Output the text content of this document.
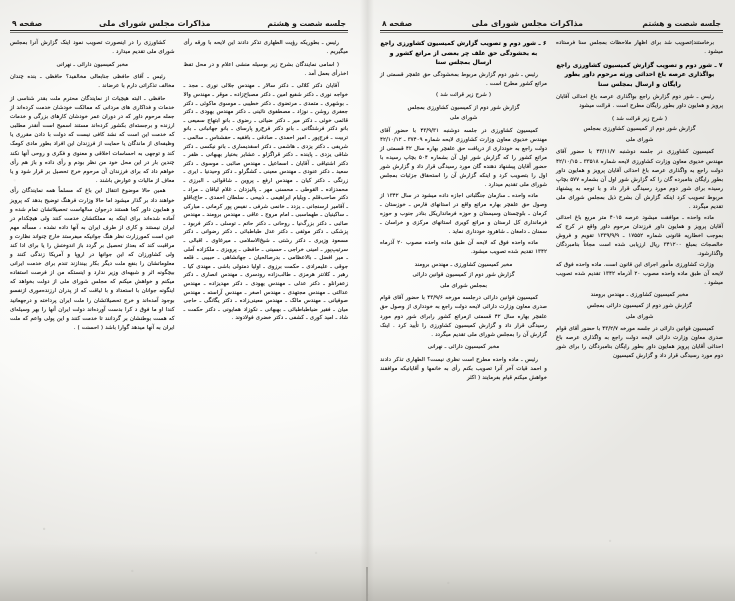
جلسه شصت و هشتم
مذاکرات مجلس شورای ملی
صفحه ۹

کشاورزی را در اینصورت تصویب نمود اینک گزارش آنرا بمجلس شورای ملی تقدیم میدارد .

مخبر کمیسیون دارائی ـ نهرانی

رئیس ـ آقای حافظی جنابعالی مخالفید؟ حافظی ـ بنده چندان مخالف تذکراتی دارم با عرضاند .

حافظی ـ البته هیچیات از نمایندگان محترم ملت بقدر شناسی از خدمات و فداکاری های مردانی که ممالکت خودشان خدمت کرده‌اند از جمله مرحوم داور که در دوران عمر خودشان کارهای بزرگی و خدمات ارزنده و برجسته‌ای بکشور کرده‌اند مستند اسمیح است آنقدر مطلبی که خدمت این است که نشد کافی نیست که دولت با دادن مقرری یا وظیفه‌ای از ماندگان یا حمایت از فرزندان این افراد بطور مادی کومک کند و توجهی به احساسات اخلاقی و معنوی و فکری و روحی آنها نکند چندین بار در این محل خود من نظر بودم و رأی داده و باز هم رأی خواهم داد که برای فرزندان آن مرحوم خرج تحصیل بر قرار شود و یا معاف از مالیات و عوارض باشند .

همین حالا موضوع انتقال این باغ که مسلماً همه نمایندگان رأی خواهند داد بر گذار میشود اما حالا وزارت فرهنگ توضیح بدهد که پرویز و همایون داور کجا هستند درجوان سالهاست تحصیلاتشان تمام شده و آماده شده‌اند برای اینکه به مملکتشان خدمت کنند ولی هیچکدام در ایران نیستند و کاری از طرف ایران به آنها داده نشده ، مسأله مهم عین است کمورزارت نظر هنگ جوانیکه میفرستد خارج چنواند نظارت و مراقبت کند که بعداز تحصیل بر گردد باز اندوختش را یا برای ادا کند ولی کشاورزان که این جوانها در اروپا و آمریکا زندگی کنند و معلوماتشان را بنفع ملت دیگر بکار بیندازند تندم برای خدمت ایرانی بیچگونه اثر و شبهه‌ای وزیر ندارد و اینستکه من از فرصت استفاده میکنم و خواهش میکنم که مجلس شورای ملی از دولت بخواهد که اینگونه جوانان با استعداد و با لیاقت که از پدران ارزنده‌موری ازنفسو بوجود آمده‌اند و خرج تحصیلاتشان را ملت ایران پرداخته و درجهعانید کندا او ما فوق د کرا بدست آورده‌اند دولت ایران آنها را بهر وسیله‌ای که هست بوطنشان بر گردانند تا خدمت کنند و این پولی واعم که ملت ایران به آنها میدهد گوارا باشد ( احسنت ) .

رئیس ـ بطوریکه رؤیت الطهاری تذکر دادند این لایحه با ورقه رأی میگیریم .

( اسامی نمایندگان بشرح زیر بوسیله منشی اعلام و در محل تفظ اخذرأی بعمل آمد .

آقایان دکتر کلالی ـ دکتر سالار ـ مهندس جلالی نوری ـ مجد ـ خواجه نوری ـ دکتر شفیع امین ـ دکتر مصباح‌زاده ـ موقر ـ مهندس والا ـ بوشهری ـ متمدی ـ مرتضوی ـ دکتر خطیبی ـ موسوی ماکوئی ـ دکتر جعفری روشن ـ نوزاد ـ مصطفوی نائینی ـ دکتر مهندس یهودی ـ دکتر قائمی خوئی ـ دکتر میر ـ دکتر ضیائی ـ رضوی ـ بانو ابتهاج سمیعی ـ بانو دکتر فرشتگانی ـ بانو دکتر فرخ‌رو پارسای ـ بانو جهانبانی ـ بانو تربیت ـ فرج‌پور ـ امیر احمدی ـ صادقی ـ بافقیه ـ حقشناس ـ سالمی ـ شریفی ـ دکتر یزدی ـ هاشمی ـ دکتر اسقدیساری ـ بانو نیکسی ـ دکتر شاقی یزدی ـ پاینده ـ دکتر قراگزلو ـ عشایر بختیار بهبهانی ـ ظفر ـ دکتر اشتیاقی ـ آقایان ـ اسماعیل ـ مهندس صائبی ـ موسوی ـ دکتر سعید ـ دکتر عنودی ـ مهندس معینی ـ کشگرلو ـ دکتر وحیدنیا ـ ایری ـ زرنگی ـ دکتر کیان ـ مهندس ارفع ـ پروین ـ شاقوائی ـ البرزی ـ محمدزاده ـ القوطی ـ محسنی مهر ـ پالیزدان ـ غلام لیاقان ـ مراد ـ دکتر صاحب‌قلم ـ ویلیام ابراهیمی ـ ذبیحی ـ سلطان احمدی ـ حاج‌باقلو ـ آقامیر ارسنجانی ـ یزدد ـ خانمی شرفی ـ نفیس پور کرمانی ـ مبارکی ـ ساکینیان ـ طهماسبی ـ امام مروج ـ عاقی ـ مهندس برومند ـ مهندس صائبی ـ دکتر بزرگ‌نیا ـ روحانی ـ دکتر حاتم ـ توسلی ـ دکتر فربود ـ پزشکی ـ دکتر موثقی ـ دکتر عدل طباطبائی ـ دکتر رضوانی ـ دکتر مسعود وزیری ـ دکتر رشتی ـ شیخ‌الاسلامی ـ میرغاوی ـ اقبالی ـ سرتیپ‌پور ـ امینی خراجی ـ حسینی ـ حافظی ـ پرویزی ـ ملکزاده آملی ـ میر افضل ـ بالاعظامی ـ بدرصالحیان ـ جهانشاهی ـ حبیبی ـ قلعه جوقی ـ علیمرادی ـ حکمت برزوی ـ اولیا دمتولی باشی ـ مهندی کیا ـ رهبر ـ کلانتر هرمزی ـ طالب‌زاده رودسری ـ مهندس انصاری ـ دکتر زعفرانلو ـ دکتر عدلی ـ مهندس یهودی ـ دکتر مهدیزاده ـ مهندس عدالتی ـ مهندس مجتهدی ـ مهندس اصغر ـ مهندس آراسته ـ مهندس صوفیانی ـ مهندس مالک ـ مهندس معینی‌زاده ـ دکتر یگانگی ـ حاجی میان ـ فقیر ضیاطباطبائی ـ بهبهانی ـ نکوزاد همایونی ـ دکتر حکمت ـ شاد ـ امید کوری ـ کشفی ـ دکتر خضری فولادوند .

جلسه شصت و هشتم
مذاکرات مجلس شورای ملی
صفحه ۸

۶ ـ شور دوم و تصویب گزارش کمیسیون کشاورزی راجع به بخشودگی حق علف چر بعضی از مراتع کشور و ارسال بمجلس سنا

رئیس ـ شور دوم گزارش مربوط بمخشودگی حق علفچر قسمتی از مراتع کشور مطرح است .

( شرح زیر قرائت شد )

گزارش شور دوم از کمیسیون کشاورزی بمجلس

شورای ملی

کمیسیون کشاورزی در جلسه دوشنبه ۴۳/۹/۳۱ با حضور آقای مهندس خدیوی معاون وزارت کشاورزی لایحه شماره ۳۷۴۰۹ ـ ۴۲/۱۰/۱۲ دولت راجع به خودداری از دریافت حق علفچر بهاره سال ۴۲ قسمتی از مراتع کشور را که گزارش شور اول آن بشماره ۵۰۴ بچاپ رسیده با حضور آقایان پیشنهاد دهنده گان مورد رسیدگی قرار داد و گزارش شور اول را بتصویب کرد و اینکه گزارش آن را استحقاق جزئیات بمجلس شورای ملی تقدیم میدارد .

ماده واحده ـ سازمان جنگلبانی اجازه داده میشود در سال ۱۳۴۲ از وصول حق علفچر بهاره مراتع واقع در استانهای فارس ـ خوزستان ـ کرمان ـ بلوچستان وسیستان و حوزه فرمانداریکل بنادر جنوب و حوزه فرمانداری کل لرستان و مراتع کویری استانهای مرکزی و خراسان ـ سمنان ـ دامغان ـ شاهرود خودداری نماید .

ماده واحده فوق که لایحه آن طبق ماده واحده مصوب ۲۰ آذرماه ۱۳۴۲ تقدیم شده تصویب میشود.

مخبر کمیسیون کشاورزی ـ مهندس برومند

گزارش شور دوم از کمیسیون قوانین دارائی

بمجلس شورای ملی

کمیسیون قوانین دارائی درجلسه مورخه ۴۳/۹/۶ با حضور آقای قوام صدری معاون وزارت دارائی لایحه دولت راجع به خودداری از وصول حق علفچر بهاره سال ۴۲ قسمتی ازمراتع کشور رابرای شور دوم مورد رسیدگی قرار داد و گزارش کمیسیون کشاورزی را تأیید کرد . اینک گزارش آن را بمجلس شورای ملی تقدیم میگردد .

مخبر کمیسیون دارائی ـ نهرانی

رئیس ـ ماده واحده مطرح است نظری نیست؟ الطهاری تذکر دادند و احمد قیات آخر آنرا تصویب بکنم رأی به خانمها و آقایانیکه موافقند خواهش میکنم قیام بفرمایند ( اکثر

برخاستند)تصویب شد برای اظهار ملاحظات بمجلس سنا فرستاده میشود .

۷ ـ شور دوم و تصویب گزارش کمیسیون کشاورزی راجع بواگذاری عرصه باغ احداثی ورثه مرحوم داور بطور رایگان و ارسال بمجلس سنا

رئیس ـ شور دوم گزارش راجع بواگذاری عرصه باغ احداثی آقایان پرویز و همایون داور بطور رایگان مطرح است . قرائت میشود

( شرح زیر قرائت شد )

گزارش شور دوم از کمیسیون کشاورزی بمجلس

شورای ملی

کمیسیون کشاورزی در جلسه دوشنبه ۴۳/۱۱/۷ با حضور آقای مهندس خدیوی معاون وزارت کشاورزی لایحه شماره ۳۳۵۱۸ ـ ۴۲/۱۰/۱۵ دولت راجع به واگذاری عرصه باغ احداثی آقایان پرویز و همایون داور بطور رایگان بنامبرده گان را که گزارش شور اول آن بشماره ۵۷۷ بچاپ رسیده برای شور دوم مورد رسیدگی قرار داد و با توجه به پیشنهاد مربوط تصویب کرد اینکه گزارش آن بشرح ذیل بمجلس شورای ملی تقدیم میگردد .

ماده واحده ـ موافقت میشود عرصه ۴۰۱۵ متر مربع باغ احداثی آقایان پرویز و همایون داور فرزندان مرحوم داور واقع در کرج که بموجب اخطاریه قانونی شماره ۱۷۵۵۲ ـ ۱۳۳۹/۹/۹ تقویم و فروش خالصجات بمبلغ ۳۴۱۲۰۰ ریال ارزیابی شده است مجاناً بنامبردگان واگذارشود.

وزارت کشاورزی مأمور اجرای این قانون است. ماده واحده فوق که لایحه آن طبق ماده واحده مصوب ۲۰ آذرماه ۱۳۴۲ تقدیم شده تصویب میشود .

مخبر کمیسیون کشاورزی ـ مهندس برومند

گزارش شور دوم از کمیسیون دارائی بمجلس

شورای ملی

کمیسیون قوانین دارائی در جلسه مورخه ۴۳/۲/۷ با حضور آقای قوام صدری معاون وزارت دارائی لایحه دولت راجع به واگذاری عرصه باغ احداثی آقایان پرویز همایون داور بطور رایگان بنامبردگان را برای شور دوم مورد رسیدگی قرار داد و گزارش کمیسیون
